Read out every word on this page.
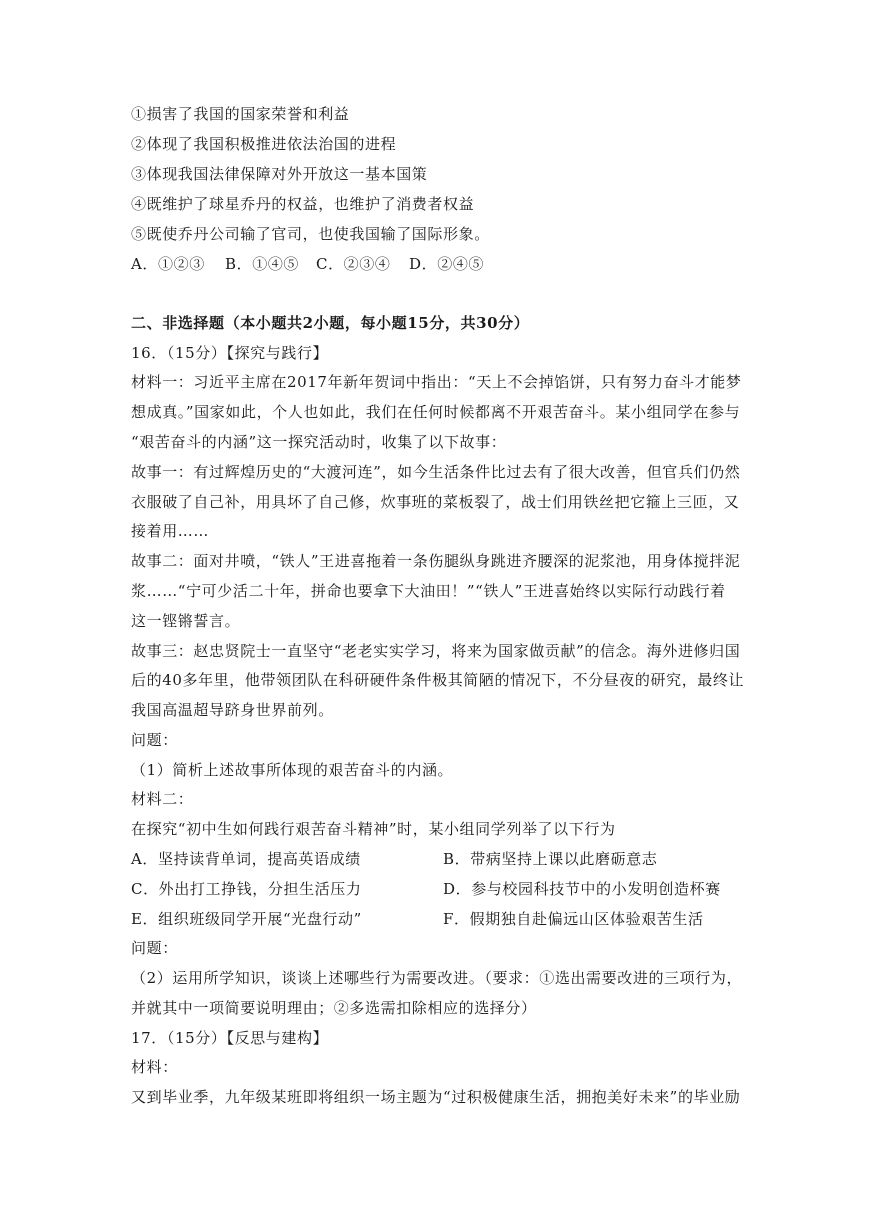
①损害了我国的国家荣誉和利益
②体现了我国积极推进依法治国的进程
③体现我国法律保障对外开放这一基本国策
④既维护了球星乔丹的权益，也维护了消费者权益
⑤既使乔丹公司输了官司，也使我国输了国际形象。
A．①②③ B．①④⑤ C．②③④ D．②④⑤
二、非选择题（本小题共2小题，每小题15分，共30分）
16．（15分）【探究与践行】
材料一：习近平主席在2017年新年贺词中指出：“天上不会掉馅饼，只有努力奋斗才能梦
想成真。”国家如此，个人也如此，我们在任何时候都离不开艰苦奋斗。某小组同学在参与
“艰苦奋斗的内涵”这一探究活动时，收集了以下故事：
故事一：有过辉煌历史的“大渡河连”，如今生活条件比过去有了很大改善，但官兵们仍然
衣服破了自己补，用具坏了自己修，炊事班的菜板裂了，战士们用铁丝把它箍上三匝，又
接着用……
故事二：面对井喷，“铁人”王进喜拖着一条伤腿纵身跳进齐腰深的泥浆池，用身体搅拌泥
浆……“宁可少活二十年，拼命也要拿下大油田！”“铁人”王进喜始终以实际行动践行着
这一铿锵誓言。
故事三：赵忠贤院士一直坚守“老老实实学习，将来为国家做贡献”的信念。海外进修归国
后的40多年里，他带领团队在科研硬件条件极其简陋的情况下，不分昼夜的研究，最终让
我国高温超导跻身世界前列。
问题：
（1）简析上述故事所体现的艰苦奋斗的内涵。
材料二：
在探究“初中生如何践行艰苦奋斗精神”时，某小组同学列举了以下行为
A．坚持读背单词，提高英语成绩	B．带病坚持上课以此磨砺意志
C．外出打工挣钱，分担生活压力	D．参与校园科技节中的小发明创造杯赛
E．组织班级同学开展“光盘行动”	F．假期独自赴偏远山区体验艰苦生活
问题：
（2）运用所学知识，谈谈上述哪些行为需要改进。（要求：①选出需要改进的三项行为，
并就其中一项简要说明理由；②多选需扣除相应的选择分）
17．（15分）【反思与建构】
材料：
又到毕业季，九年级某班即将组织一场主题为“过积极健康生活，拥抱美好未来”的毕业励
